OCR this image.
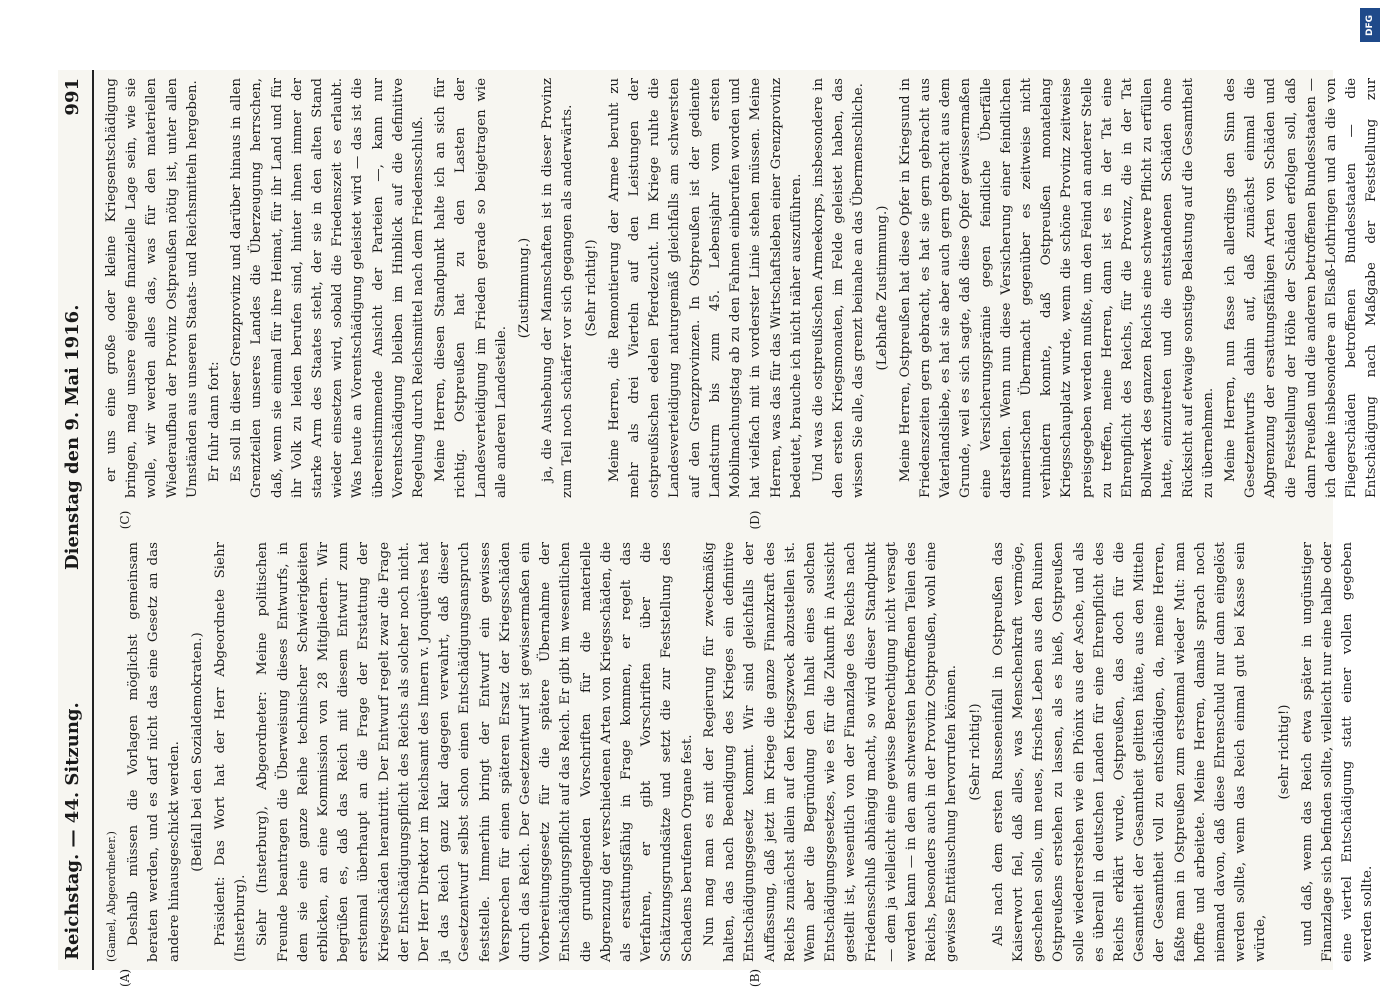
Reichstag. — 44. Sitzung.
Dienstag den 9. Mai 1916.
991
(A)	(B)
(C)	(D)

(Gamel, Abgeordneter.) Deshalb müssen die Vorlagen möglichst gemeinsam beraten werden, und es darf nicht das eine Gesetz an das andere hinausgeschickt werden. (Beifall bei den Sozialdemokraten.) Präsident: Das Wort hat der Herr Abgeordnete Siehr (Insterburg). Siehr (Insterburg), Abgeordneter: Meine politischen Freunde beantragen die Überweisung dieses Entwurfs, in dem sie eine ganze Reihe technischer Schwierigkeiten erblicken, an eine Kommission von 28 Mitgliedern. Wir begrüßen es, daß das Reich mit diesem Entwurf zum erstenmal überhaupt an die Frage der Erstattung der Kriegsschäden herantritt. Der Entwurf regelt zwar die Frage der Entschädigungspflicht des Reichs als solcher noch nicht. Der Herr Direktor im Reichsamt des Innern v. Jonquières hat ja das Reich ganz klar dagegen verwahrt, daß dieser Gesetzentwurf selbst schon einen Entschädigungsanspruch feststelle. Immerhin bringt der Entwurf ein gewisses Versprechen für einen späteren Ersatz der Kriegsschäden durch das Reich. Der Gesetzentwurf ist gewissermaßen ein Vorbereitungsgesetz für die spätere Übernahme der Entschädigungspflicht auf das Reich. Er gibt im wesentlichen die grundlegenden Vorschriften für die materielle Abgrenzung der verschiedenen Arten von Kriegsschäden, die als ersattungsfähig in Frage kommen, er regelt das Verfahren, er gibt Vorschriften über die Schätzungsgrundsätze und setzt die zur Feststellung des Schadens berufenen Organe fest. Nun mag man es mit der Regierung für zweckmäßig halten, das nach Beendigung des Krieges ein definitive Entschädigungsgesetz kommt. Wir sind gleichfalls der Auffassung, daß jetzt im Kriege die ganze Finanzkraft des Reichs zunächst allein auf den Kriegszweck abzustellen ist. Wenn aber die Begründung den Inhalt eines solchen Entschädigungsgesetzes, wie es für die Zukunft in Aussicht gestellt ist, wesentlich von der Finanzlage des Reichs nach Friedensschluß abhängig macht, so wird dieser Standpunkt — dem ja vielleicht eine gewisse Berechtigung nicht versagt werden kann — in den am schwersten betroffenen Teilen des Reichs, besonders auch in der Provinz Ostpreußen, wohl eine gewisse Enttäuschung hervorrufen können. (Sehr richtig!) Als nach dem ersten Russeneinfall in Ostpreußen das Kaiserwort fiel, daß alles, was Menschenkraft vermöge, geschehen solle, um neues, frisches Leben aus den Ruinen Ostpreußens erstehen zu lassen, als es hieß, Ostpreußen solle wiedererstehen wie ein Phönix aus der Asche, und als es überall in deutschen Landen für eine Ehrenpflicht des Reichs erklärt wurde, Ostpreußen, das doch für die Gesamtheit der Gesamtheit gelitten hätte, aus den Mitteln der Gesamtheit voll zu entschädigen, da, meine Herren, faßte man in Ostpreußen zum erstenmal wieder Mut: man hoffte und arbeitete. Meine Herren, damals sprach noch niemand davon, daß diese Ehrenschuld nur dann eingelöst werden sollte, wenn das Reich einmal gut bei Kasse sein würde,

(sehr richtig!) und daß, wenn das Reich etwa später in ungünstiger Finanzlage sich befinden sollte, vielleicht nur eine halbe oder eine viertel Entschädigung statt einer vollen gegeben werden sollte.

er uns eine große oder kleine Kriegsentschädigung bringen, mag unsere eigene finanzielle Lage sein, wie sie wolle, wir werden alles das, was für den materiellen Wiederaufbau der Provinz Ostpreußen nötig ist, unter allen Umständen aus unseren Staats- und Reichsmitteln hergeben. Er fuhr dann fort: Es soll in dieser Grenzprovinz und darüber hinaus in allen Grenzteilen unseres Landes die Überzeugung herrschen, daß, wenn sie einmal für ihre Heimat, für ihr Land und für ihr Volk zu leiden berufen sind, hinter ihnen immer der starke Arm des Staates steht, der sie in den alten Stand wieder einsetzen wird, sobald die Friedenszeit es erlaubt. Was heute an Vorentschädigung geleistet wird — das ist die übereinstimmende Ansicht der Parteien —, kann nur Vorentschädigung bleiben im Hinblick auf die definitive Regelung durch Reichsmittel nach dem Friedensschluß. Meine Herren, diesen Standpunkt halte ich an sich für richtig. Ostpreußen hat zu den Lasten der Landesverteidigung im Frieden gerade so beigetragen wie alle anderen Landesteile.

(Zustimmung.) ja, die Aushebung der Mannschaften ist in dieser Provinz zum Teil noch schärfer vor sich gegangen als anderwärts. (Sehr richtig!) Meine Herren, die Remontierung der Armee beruht zu mehr als drei Vierteln auf den Leistungen der ostpreußischen edelen Pferdezucht. Im Kriege ruhte die Landesverteidigung naturgemäß gleichfalls am schwersten auf den Grenzprovinzen. In Ostpreußen ist der gediente Landsturm bis zum 45. Lebensjahr vom ersten Mobilmachungstag ab zu den Fahnen einberufen worden und hat vielfach mit in vorderster Linie stehen müssen. Meine Herren, was das für das Wirtschaftsleben einer Grenzprovinz bedeutet, brauche ich nicht näher auszuführen. Und was die ostpreußischen Armeekorps, insbesondere in den ersten Kriegsmonaten, im Felde geleistet haben, das wissen Sie alle, das grenzt beinahe an das Übermenschliche. (Lebhafte Zustimmung.) Meine Herren, Ostpreußen hat diese Opfer in Kriegsund in Friedenszeiten gern gebracht, es hat sie gern gebracht aus Vaterlandsliebe, es hat sie aber auch gern gebracht aus dem Grunde, weil es sich sagte, daß diese Opfer gewissermaßen eine Versicherungsprämie gegen feindliche Überfälle darstellen. Wenn nun diese Versicherung einer feindlichen numerischen Übermacht gegenüber es zeitweise nicht verhindern konnte, daß Ostpreußen monatelang Kriegsschauplatz wurde, wenn die schöne Provinz zeitweise preisgegeben werden mußte, um den Feind an anderer Stelle zu treffen, meine Herren, dann ist es in der Tat eine Ehrenpflicht des Reichs, für die Provinz, die in der Tat Bollwerk des ganzen Reichs eine schwere Pflicht zu erfüllen hatte, einzutreten und die entstandenen Schäden ohne Rücksicht auf etwaige sonstige Belastung auf die Gesamtheit zu übernehmen. Meine Herren, nun fasse ich allerdings den Sinn des Gesetzentwurfs dahin auf, daß zunächst einmal die Abgrenzung der ersattungsfähigen Arten von Schäden und die Feststellung der Höhe der Schäden erfolgen soll, daß dann Preußen und die anderen betroffenen Bundesstaaten — ich denke insbesondere an Elsaß-Lothringen und an die von Fliegerschäden betroffenen Bundesstaaten — die Entschädigung nach Maßgabe der Feststellung zur

DFG
